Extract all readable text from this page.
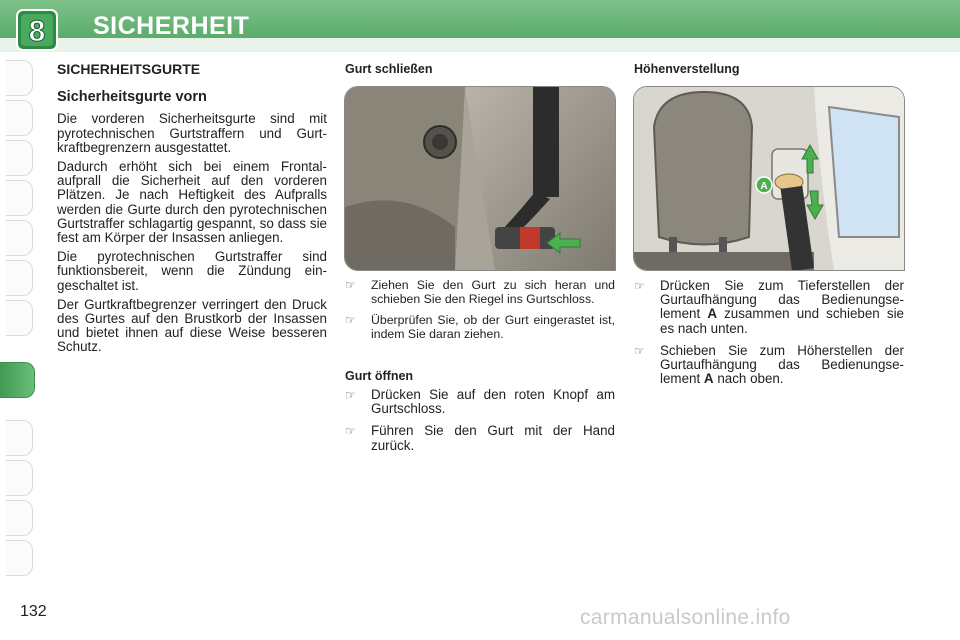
8 SICHERHEIT
SICHERHEITSGURTE
Sicherheitsgurte vorn

Die vorderen Sicherheitsgurte sind mit pyrotechnischen Gurtstraffern und Gurtkraftbegrenzern ausgestattet.

Dadurch erhöht sich bei einem Frontalaufprall die Sicherheit auf den vorderen Plätzen. Je nach Heftigkeit des Aufpralls werden die Gurte durch den pyrotechnischen Gurtstraffer schlagartig gespannt, so dass sie fest am Körper der Insassen anliegen.

Die pyrotechnischen Gurtstraffer sind funktionsbereit, wenn die Zündung eingeschaltet ist.

Der Gurtkraftbegrenzer verringert den Druck des Gurtes auf den Brustkorb der Insassen und bietet ihnen auf diese Weise besseren Schutz.

Gurt schließen
☞ Ziehen Sie den Gurt zu sich heran und schieben Sie den Riegel ins Gurtschloss.
☞ Überprüfen Sie, ob der Gurt eingerastet ist, indem Sie daran ziehen.
Gurt öffnen
☞ Drücken Sie auf den roten Knopf am Gurtschloss.
☞ Führen Sie den Gurt mit der Hand zurück.
Höhenverstellung
A
☞ Drücken Sie zum Tieferstellen der Gurtaufhängung das Bedienungselement A zusammen und schieben sie es nach unten.
☞ Schieben Sie zum Höherstellen der Gurtaufhängung das Bedienungselement A nach oben.
132	carmanualsonline.info
